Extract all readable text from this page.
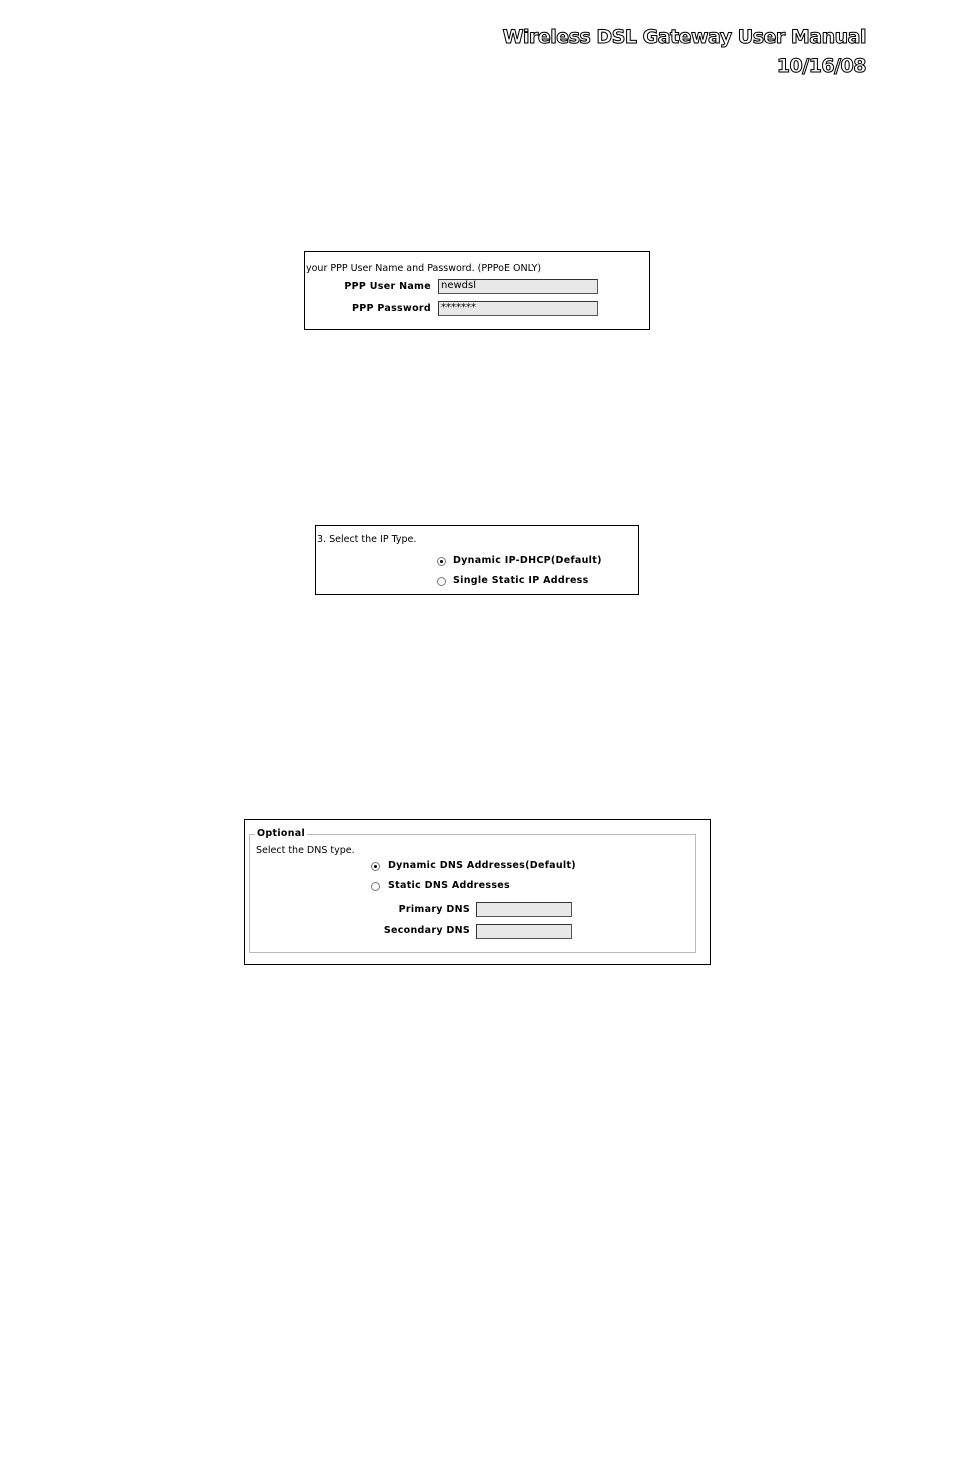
Wireless DSL Gateway User Manual
10/16/08
your PPP User Name and Password. (PPPoE ONLY)
PPP User Name	newdsl
PPP Password	*******
3. Select the IP Type.
Dynamic IP-DHCP(Default)
Single Static IP Address
Optional
Select the DNS type.
Dynamic DNS Addresses(Default)
Static DNS Addresses
Primary DNS
Secondary DNS
